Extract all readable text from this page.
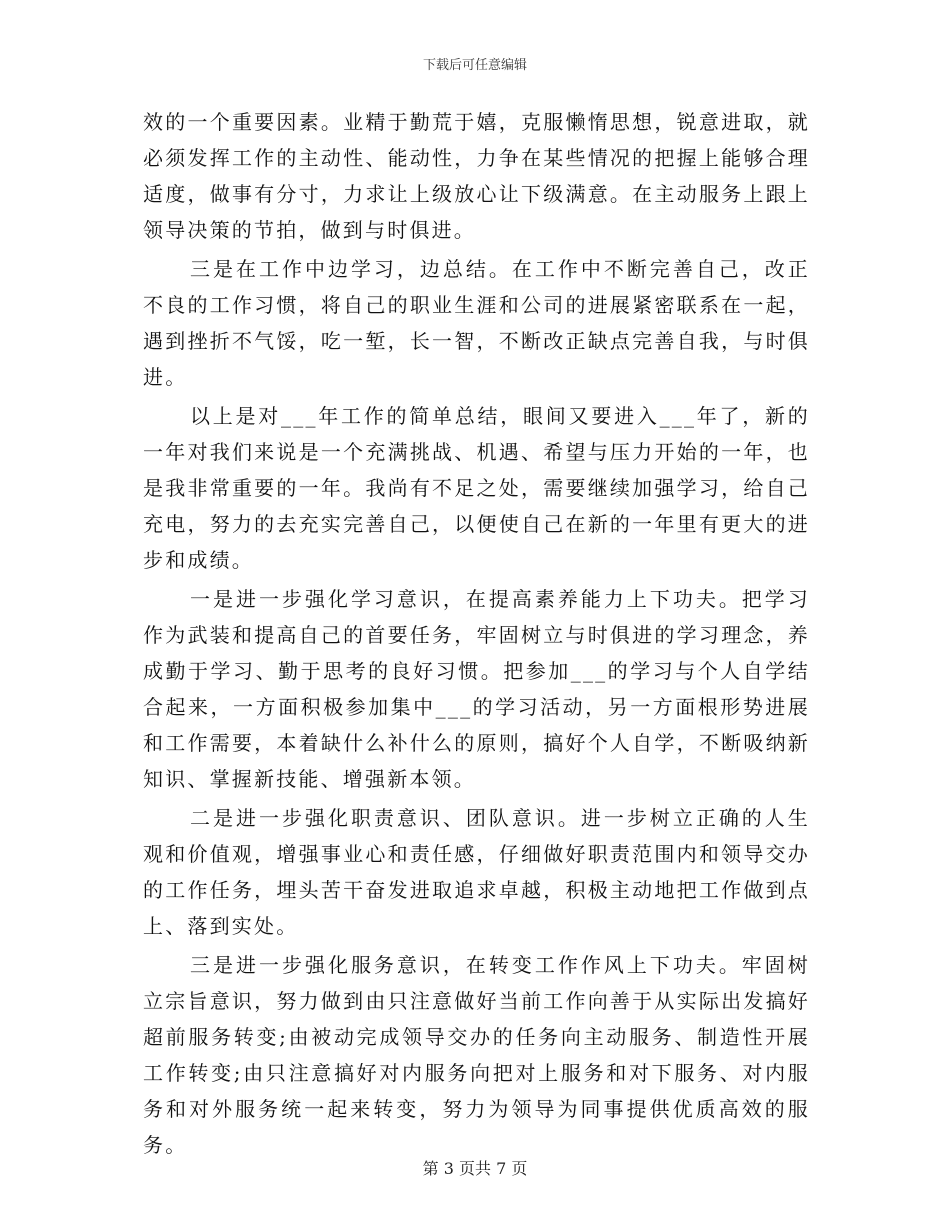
下载后可任意编辑

效的一个重要因素。业精于勤荒于嬉，克服懒惰思想，锐意进取，就必须发挥工作的主动性、能动性，力争在某些情况的把握上能够合理适度，做事有分寸，力求让上级放心让下级满意。在主动服务上跟上领导决策的节拍，做到与时俱进。

三是在工作中边学习，边总结。在工作中不断完善自己，改正不良的工作习惯，将自己的职业生涯和公司的进展紧密联系在一起，遇到挫折不气馁，吃一堑，长一智，不断改正缺点完善自我，与时俱进。

以上是对___年工作的简单总结，眼间又要进入___年了，新的一年对我们来说是一个充满挑战、机遇、希望与压力开始的一年，也是我非常重要的一年。我尚有不足之处，需要继续加强学习，给自己充电，努力的去充实完善自己，以便使自己在新的一年里有更大的进步和成绩。

一是进一步强化学习意识，在提高素养能力上下功夫。把学习作为武装和提高自己的首要任务，牢固树立与时俱进的学习理念，养成勤于学习、勤于思考的良好习惯。把参加___的学习与个人自学结合起来，一方面积极参加集中___的学习活动，另一方面根形势进展和工作需要，本着缺什么补什么的原则，搞好个人自学，不断吸纳新知识、掌握新技能、增强新本领。

二是进一步强化职责意识、团队意识。进一步树立正确的人生观和价值观，增强事业心和责任感，仔细做好职责范围内和领导交办的工作任务，埋头苦干奋发进取追求卓越，积极主动地把工作做到点上、落到实处。

三是进一步强化服务意识，在转变工作作风上下功夫。牢固树立宗旨意识，努力做到由只注意做好当前工作向善于从实际出发搞好超前服务转变;由被动完成领导交办的任务向主动服务、制造性开展工作转变;由只注意搞好对内服务向把对上服务和对下服务、对内服务和对外服务统一起来转变，努力为领导为同事提供优质高效的服务。

第 3 页共 7 页
